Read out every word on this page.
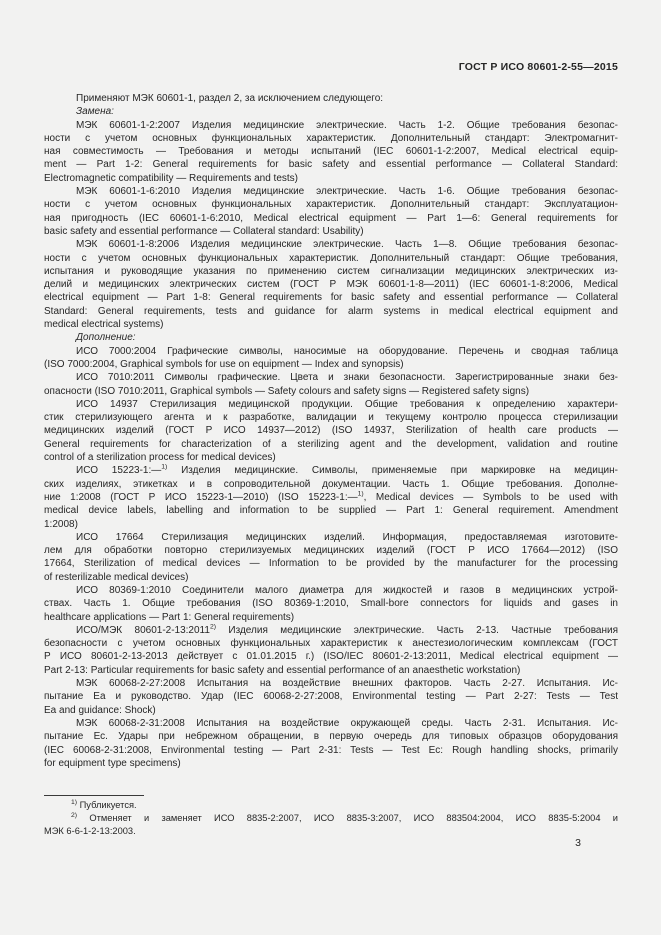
ГОСТ Р ИСО 80601-2-55—2015
Применяют МЭК 60601-1, раздел 2, за исключением следующего:
Замена:
МЭК 60601-1-2:2007 Изделия медицинские электрические. Часть 1-2. Общие требования безопас-
ности с учетом основных функциональных характеристик. Дополнительный стандарт: Электромагнит-
ная совместимость — Требования и методы испытаний (IEC 60601-1-2:2007, Medical electrical equip-
ment — Part 1-2: General requirements for basic safety and essential performance — Collateral Standard:
Electromagnetic compatibility — Requirements and tests)
МЭК 60601-1-6:2010 Изделия медицинские электрические. Часть 1-6. Общие требования безопас-
ности с учетом основных функциональных характеристик. Дополнительный стандарт: Эксплуатацион-
ная пригодность (IEC 60601-1-6:2010, Medical electrical equipment — Part 1—6: General requirements for
basic safety and essential performance — Collateral standard: Usability)
МЭК 60601-1-8:2006 Изделия медицинские электрические. Часть 1—8. Общие требования безопас-
ности с учетом основных функциональных характеристик. Дополнительный стандарт: Общие требования,
испытания и руководящие указания по применению систем сигнализации медицинских электрических из-
делий и медицинских электрических систем (ГОСТ Р МЭК 60601-1-8—2011) (IEC 60601-1-8:2006, Medical
electrical equipment — Part 1-8: General requirements for basic safety and essential performance — Collateral
Standard: General requirements, tests and guidance for alarm systems in medical electrical equipment and
medical electrical systems)
Дополнение:
ИСО 7000:2004 Графические символы, наносимые на оборудование. Перечень и сводная таблица
(ISO 7000:2004, Graphical symbols for use on equipment — Index and synopsis)
ИСО 7010:2011 Символы графические. Цвета и знаки безопасности. Зарегистрированные знаки без-
опасности (ISO 7010:2011, Graphical symbols — Safety colours and safety signs — Registered safety signs)
ИСО 14937 Стерилизация медицинской продукции. Общие требования к определению характери-
стик стерилизующего агента и к разработке, валидации и текущему контролю процесса стерилизации
медицинских изделий (ГОСТ Р ИСО 14937—2012) (ISO 14937, Sterilization of health care products —
General requirements for characterization of a sterilizing agent and the development, validation and routine
control of a sterilization process for medical devices)
ИСО 15223-1:—$^{1)}$ Изделия медицинские. Символы, применяемые при маркировке на медицин-
ских изделиях, этикетках и в сопроводительной документации. Часть 1. Общие требования. Дополне-
ние 1:2008 (ГОСТ Р ИСО 15223-1—2010) (ISO 15223-1:—$^{1)}$, Medical devices — Symbols to be used with
medical device labels, labelling and information to be supplied — Part 1: General requirement. Amendment
1:2008)
ИСО 17664 Стерилизация медицинских изделий. Информация, предоставляемая изготовите-
лем для обработки повторно стерилизуемых медицинских изделий (ГОСТ Р ИСО 17664—2012) (ISO
17664, Sterilization of medical devices — Information to be provided by the manufacturer for the processing
of resterilizable medical devices)
ИСО 80369-1:2010 Соединители малого диаметра для жидкостей и газов в медицинских устрой-
ствах. Часть 1. Общие требования (ISO 80369-1:2010, Small-bore connectors for liquids and gases in
healthcare applications — Part 1: General requirements)
ИСО/МЭК 80601-2-13:2011$^{2)}$ Изделия медицинские электрические. Часть 2-13. Частные требования
безопасности с учетом основных функциональных характеристик к анестезиологическим комплексам (ГОСТ
Р ИСО 80601-2-13-2013 действует с 01.01.2015 г.) (ISO/IEC 80601-2-13:2011, Medical electrical equipment —
Part 2-13: Particular requirements for basic safety and essential performance of an anaesthetic workstation)
МЭК 60068-2-27:2008 Испытания на воздействие внешних факторов. Часть 2-27. Испытания. Ис-
пытание Еа и руководство. Удар (IEC 60068-2-27:2008, Environmental testing — Part 2-27: Tests — Test
Ea and guidance: Shock)
МЭК 60068-2-31:2008 Испытания на воздействие окружающей среды. Часть 2-31. Испытания. Ис-
пытание Ес. Удары при небрежном обращении, в первую очередь для типовых образцов оборудования
(IEC 60068-2-31:2008, Environmental testing — Part 2-31: Tests — Test Ec: Rough handling shocks, primarily
for equipment type specimens)
$^{1)}$ Публикуется.
$^{2)}$ Отменяет и заменяет ИСО 8835-2:2007, ИСО 8835-3:2007, ИСО 883504:2004, ИСО 8835-5:2004 и
МЭК 6-6-1-2-13:2003.
3
